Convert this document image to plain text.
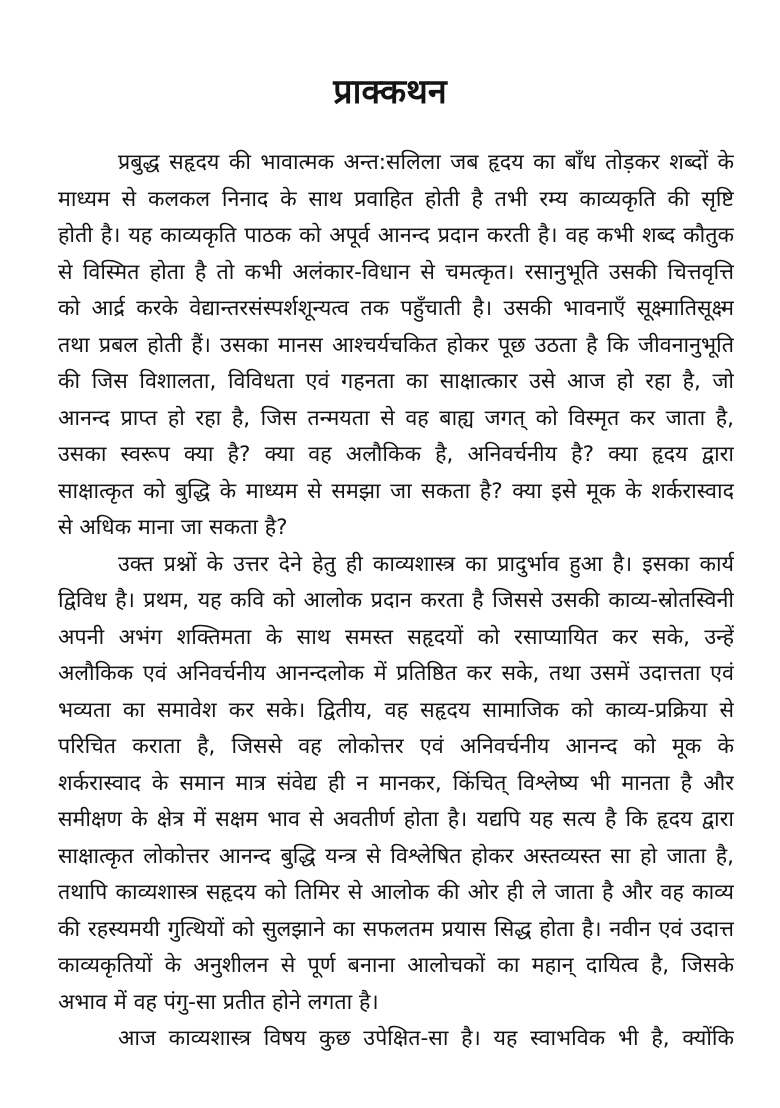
प्राक्कथन
प्रबुद्ध सहृदय की भावात्मक अन्त:सलिला जब हृदय का बाँध तोड़कर शब्दों के
माध्यम से कलकल निनाद के साथ प्रवाहित होती है तभी रम्य काव्यकृति की सृष्टि
होती है। यह काव्यकृति पाठक को अपूर्व आनन्द प्रदान करती है। वह कभी शब्द कौतुक
से विस्मित होता है तो कभी अलंकार-विधान से चमत्कृत। रसानुभूति उसकी चित्तवृत्ति
को आर्द्र करके वेद्यान्तरसंस्पर्शशून्यत्व तक पहुँचाती है। उसकी भावनाएँ सूक्ष्मातिसूक्ष्म
तथा प्रबल होती हैं। उसका मानस आश्चर्यचकित होकर पूछ उठता है कि जीवनानुभूति
की जिस विशालता, विविधता एवं गहनता का साक्षात्कार उसे आज हो रहा है, जो
आनन्द प्राप्त हो रहा है, जिस तन्मयता से वह बाह्य जगत् को विस्मृत कर जाता है,
उसका स्वरूप क्या है? क्या वह अलौकिक है, अनिवर्चनीय है? क्या हृदय द्वारा
साक्षात्कृत को बुद्धि के माध्यम से समझा जा सकता है? क्या इसे मूक के शर्करास्वाद
से अधिक माना जा सकता है?
उक्त प्रश्नों के उत्तर देने हेतु ही काव्यशास्त्र का प्रादुर्भाव हुआ है। इसका कार्य
द्विविध है। प्रथम, यह कवि को आलोक प्रदान करता है जिससे उसकी काव्य-स्रोतस्विनी
अपनी अभंग शक्तिमता के साथ समस्त सहृदयों को रसाप्यायित कर सके, उन्हें
अलौकिक एवं अनिवर्चनीय आनन्दलोक में प्रतिष्ठित कर सके, तथा उसमें उदात्तता एवं
भव्यता का समावेश कर सके। द्वितीय, वह सहृदय सामाजिक को काव्य-प्रक्रिया से
परिचित कराता है, जिससे वह लोकोत्तर एवं अनिवर्चनीय आनन्द को मूक के
शर्करास्वाद के समान मात्र संवेद्य ही न मानकर, किंचित् विश्लेष्य भी मानता है और
समीक्षण के क्षेत्र में सक्षम भाव से अवतीर्ण होता है। यद्यपि यह सत्य है कि हृदय द्वारा
साक्षात्कृत लोकोत्तर आनन्द बुद्धि यन्त्र से विश्लेषित होकर अस्तव्यस्त सा हो जाता है,
तथापि काव्यशास्त्र सहृदय को तिमिर से आलोक की ओर ही ले जाता है और वह काव्य
की रहस्यमयी गुत्थियों को सुलझाने का सफलतम प्रयास सिद्ध होता है। नवीन एवं उदात्त
काव्यकृतियों के अनुशीलन से पूर्ण बनाना आलोचकों का महान् दायित्व है, जिसके
अभाव में वह पंगु-सा प्रतीत होने लगता है।
आज काव्यशास्त्र विषय कुछ उपेक्षित-सा है। यह स्वाभविक भी है, क्योंकि
